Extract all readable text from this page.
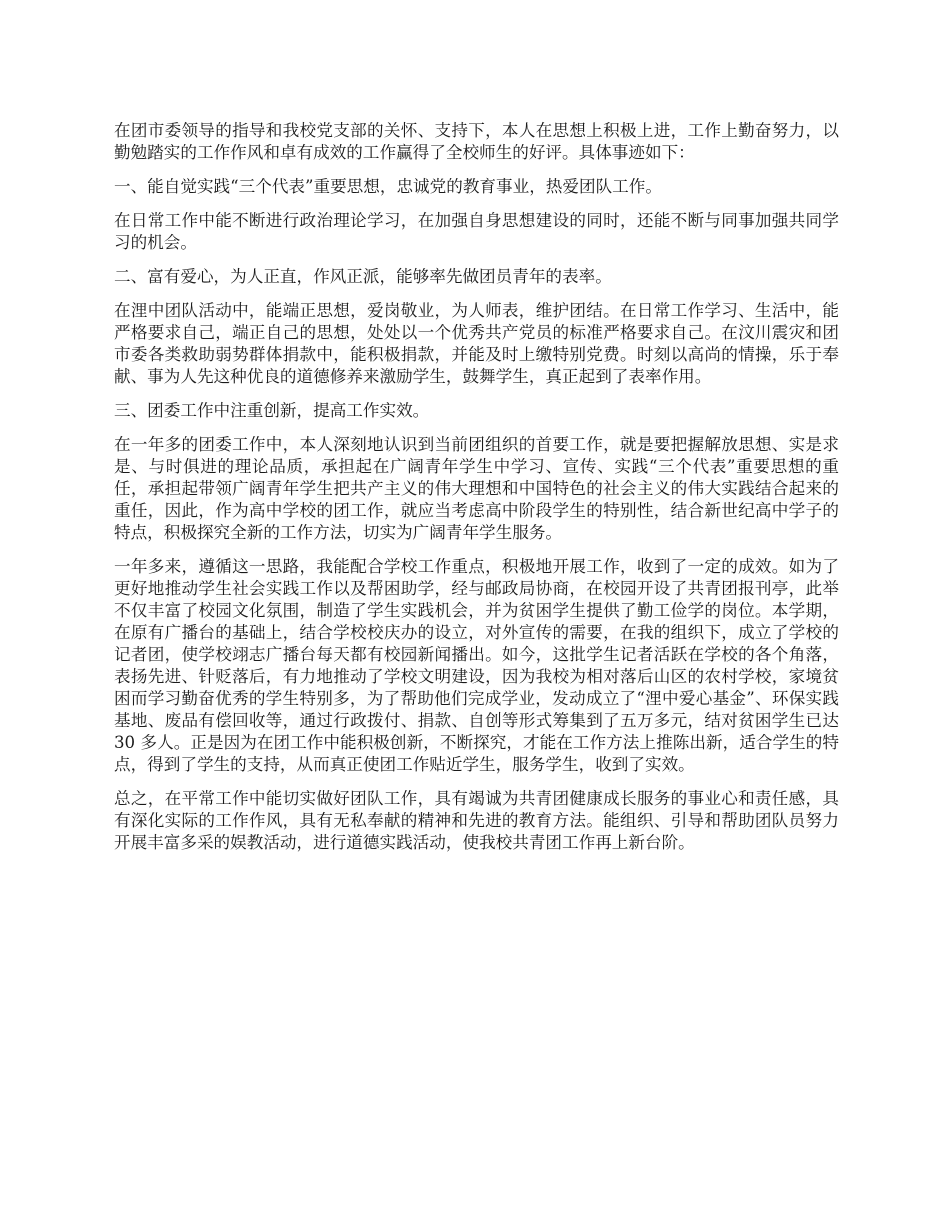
在团市委领导的指导和我校党支部的关怀、支持下，本人在思想上积极上进，工作上勤奋努力，以勤勉踏实的工作作风和卓有成效的工作赢得了全校师生的好评。具体事迹如下：

一、能自觉实践“三个代表”重要思想，忠诚党的教育事业，热爱团队工作。

在日常工作中能不断进行政治理论学习，在加强自身思想建设的同时，还能不断与同事加强共同学习的机会。

二、富有爱心，为人正直，作风正派，能够率先做团员青年的表率。

在浬中团队活动中，能端正思想，爱岗敬业，为人师表，维护团结。在日常工作学习、生活中，能严格要求自己，端正自己的思想，处处以一个优秀共产党员的标准严格要求自己。在汶川震灾和团市委各类救助弱势群体捐款中，能积极捐款，并能及时上缴特别党费。时刻以高尚的情操，乐于奉献、事为人先这种优良的道德修养来激励学生，鼓舞学生，真正起到了表率作用。

三、团委工作中注重创新，提高工作实效。

在一年多的团委工作中，本人深刻地认识到当前团组织的首要工作，就是要把握解放思想、实是求是、与时俱进的理论品质，承担起在广阔青年学生中学习、宣传、实践“三个代表”重要思想的重任，承担起带领广阔青年学生把共产主义的伟大理想和中国特色的社会主义的伟大实践结合起来的重任，因此，作为高中学校的团工作，就应当考虑高中阶段学生的特别性，结合新世纪高中学子的特点，积极探究全新的工作方法，切实为广阔青年学生服务。

一年多来，遵循这一思路，我能配合学校工作重点，积极地开展工作，收到了一定的成效。如为了更好地推动学生社会实践工作以及帮困助学，经与邮政局协商，在校园开设了共青团报刊亭，此举不仅丰富了校园文化氛围，制造了学生实践机会，并为贫困学生提供了勤工俭学的岗位。本学期，在原有广播台的基础上，结合学校校庆办的设立，对外宣传的需要，在我的组织下，成立了学校的记者团，使学校翊志广播台每天都有校园新闻播出。如今，这批学生记者活跃在学校的各个角落，表扬先进、针贬落后，有力地推动了学校文明建设，因为我校为相对落后山区的农村学校，家境贫困而学习勤奋优秀的学生特别多，为了帮助他们完成学业，发动成立了“浬中爱心基金”、环保实践基地、废品有偿回收等，通过行政拨付、捐款、自创等形式筹集到了五万多元，结对贫困学生已达 30 多人。正是因为在团工作中能积极创新，不断探究，才能在工作方法上推陈出新，适合学生的特点，得到了学生的支持，从而真正使团工作贴近学生，服务学生，收到了实效。

总之，在平常工作中能切实做好团队工作，具有竭诚为共青团健康成长服务的事业心和责任感，具有深化实际的工作作风，具有无私奉献的精神和先进的教育方法。能组织、引导和帮助团队员努力开展丰富多采的娱教活动，进行道德实践活动，使我校共青团工作再上新台阶。
